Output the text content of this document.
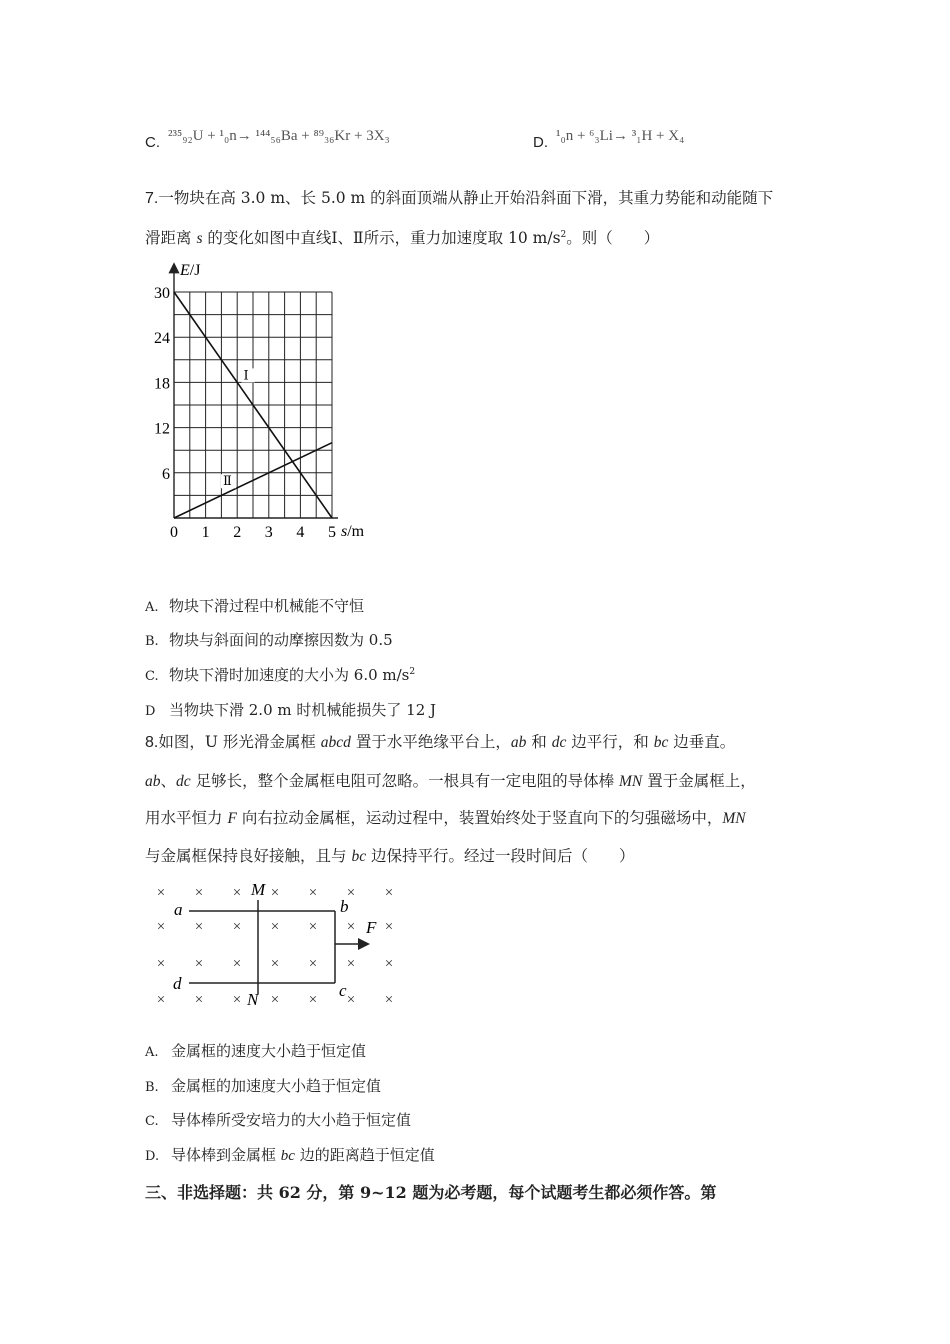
C. ²³⁵₉₂U + ¹₀n→ ¹⁴⁴₅₆Ba + ⁸⁹₃₆Kr + 3X₃	D. ¹₀n + ⁶₃Li→ ³₁H + X₄
7.一物块在高 3.0 m、长 5.0 m 的斜面顶端从静止开始沿斜面下滑，其重力势能和动能随下
滑距离 s 的变化如图中直线Ⅰ、Ⅱ所示，重力加速度取 10 $m/s^2$。则（　　）
Ⅰ
Ⅱ
0 1 2 3 4 5
6
12
18
24
30
E/J
s/m
A. 物块下滑过程中机械能不守恒
B. 物块与斜面间的动摩擦因数为 0.5
C. 物块下滑时加速度的大小为 6.0 $m/s^2$
D 当物块下滑 2.0 m 时机械能损失了 12 J
8.如图，U 形光滑金属框 abcd 置于水平绝缘平台上，ab 和 dc 边平行，和 bc 边垂直。
ab、dc 足够长，整个金属框电阻可忽略。一根具有一定电阻的导体棒 MN 置于金属框上，
用水平恒力 F 向右拉动金属框，运动过程中，装置始终处于竖直向下的匀强磁场中，MN
与金属框保持良好接触，且与 bc 边保持平行。经过一段时间后（　　）
× × × × × × ×
× × × × × × ×
× × × × × × ×
× × × × × × ×
M
N
a
d
b
c
F
A. 金属框的速度大小趋于恒定值
B. 金属框的加速度大小趋于恒定值
C. 导体棒所受安培力的大小趋于恒定值
D. 导体棒到金属框 bc 边的距离趋于恒定值
三、非选择题：共 62 分，第 9~12 题为必考题，每个试题考生都必须作答。第
